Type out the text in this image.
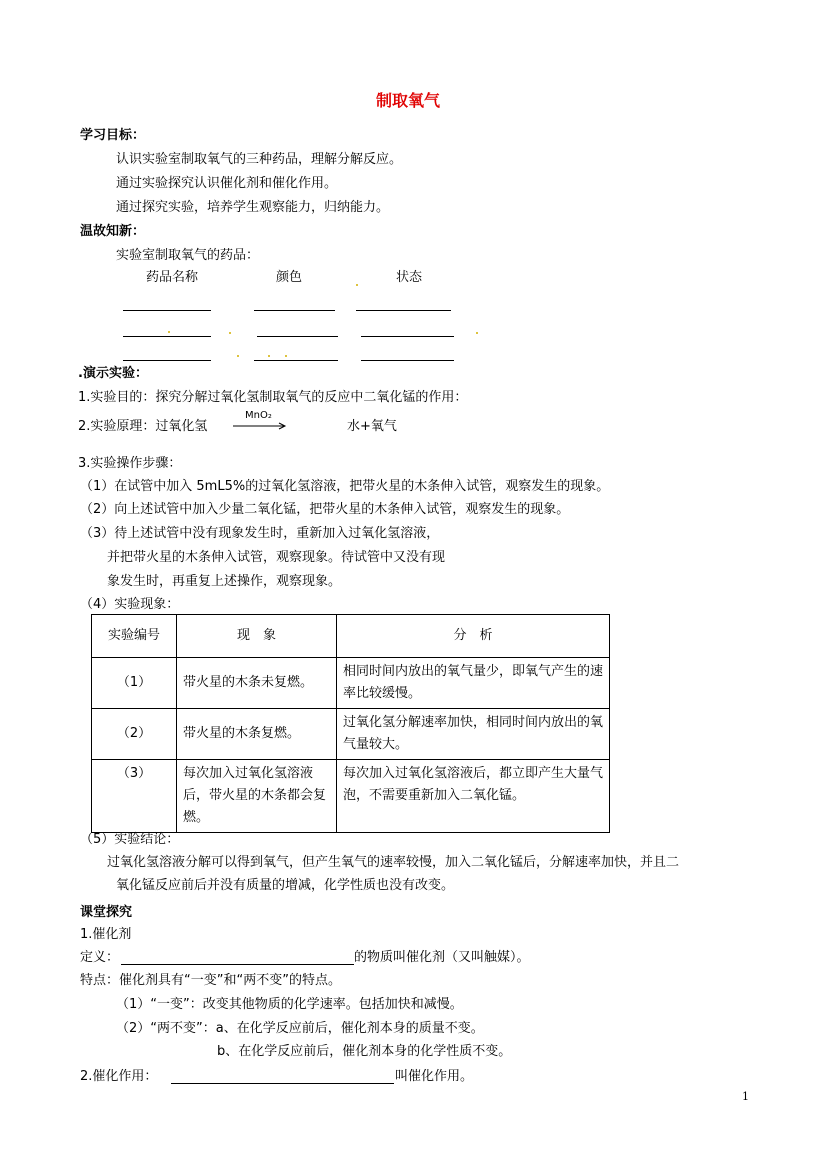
制取氧气
学习目标：
认识实验室制取氧气的三种药品，理解分解反应。
通过实验探究认识催化剂和催化作用。
通过探究实验，培养学生观察能力，归纳能力。
温故知新：
实验室制取氧气的药品：
药品名称	颜色	状态
.演示实验：
1.实验目的：探究分解过氧化氢制取氧气的反应中二氧化锰的作用：
2.实验原理：过氧化氢
MnO₂
水+氧气
3.实验操作步骤：
（1）在试管中加入 5mL5%的过氧化氢溶液，把带火星的木条伸入试管，观察发生的现象。
（2）向上述试管中加入少量二氧化锰，把带火星的木条伸入试管，观察发生的现象。
（3）待上述试管中没有现象发生时，重新加入过氧化氢溶液，
并把带火星的木条伸入试管，观察现象。待试管中又没有现
象发生时，再重复上述操作，观察现象。
（4）实验现象：
实验编号	现　象	分　析
（1）	带火星的木条未复燃。	相同时间内放出的氧气量少，即氧气产生的速率比较缓慢。
（2）	带火星的木条复燃。	过氧化氢分解速率加快，相同时间内放出的氧气量较大。
（3）	每次加入过氧化氢溶液后，带火星的木条都会复燃。	每次加入过氧化氢溶液后，都立即产生大量气泡，不需要重新加入二氧化锰。
（5）实验结论：
过氧化氢溶液分解可以得到氧气，但产生氧气的速率较慢，加入二氧化锰后，分解速率加快，并且二
氧化锰反应前后并没有质量的增减，化学性质也没有改变。
课堂探究
1.催化剂
定义：	的物质叫催化剂（又叫触媒）。
特点：催化剂具有“一变”和“两不变”的特点。
（1）“一变”：改变其他物质的化学速率。包括加快和减慢。
（2）“两不变”：a、在化学反应前后，催化剂本身的质量不变。
b、在化学反应前后，催化剂本身的化学性质不变。
2.催化作用：	叫催化作用。
1
